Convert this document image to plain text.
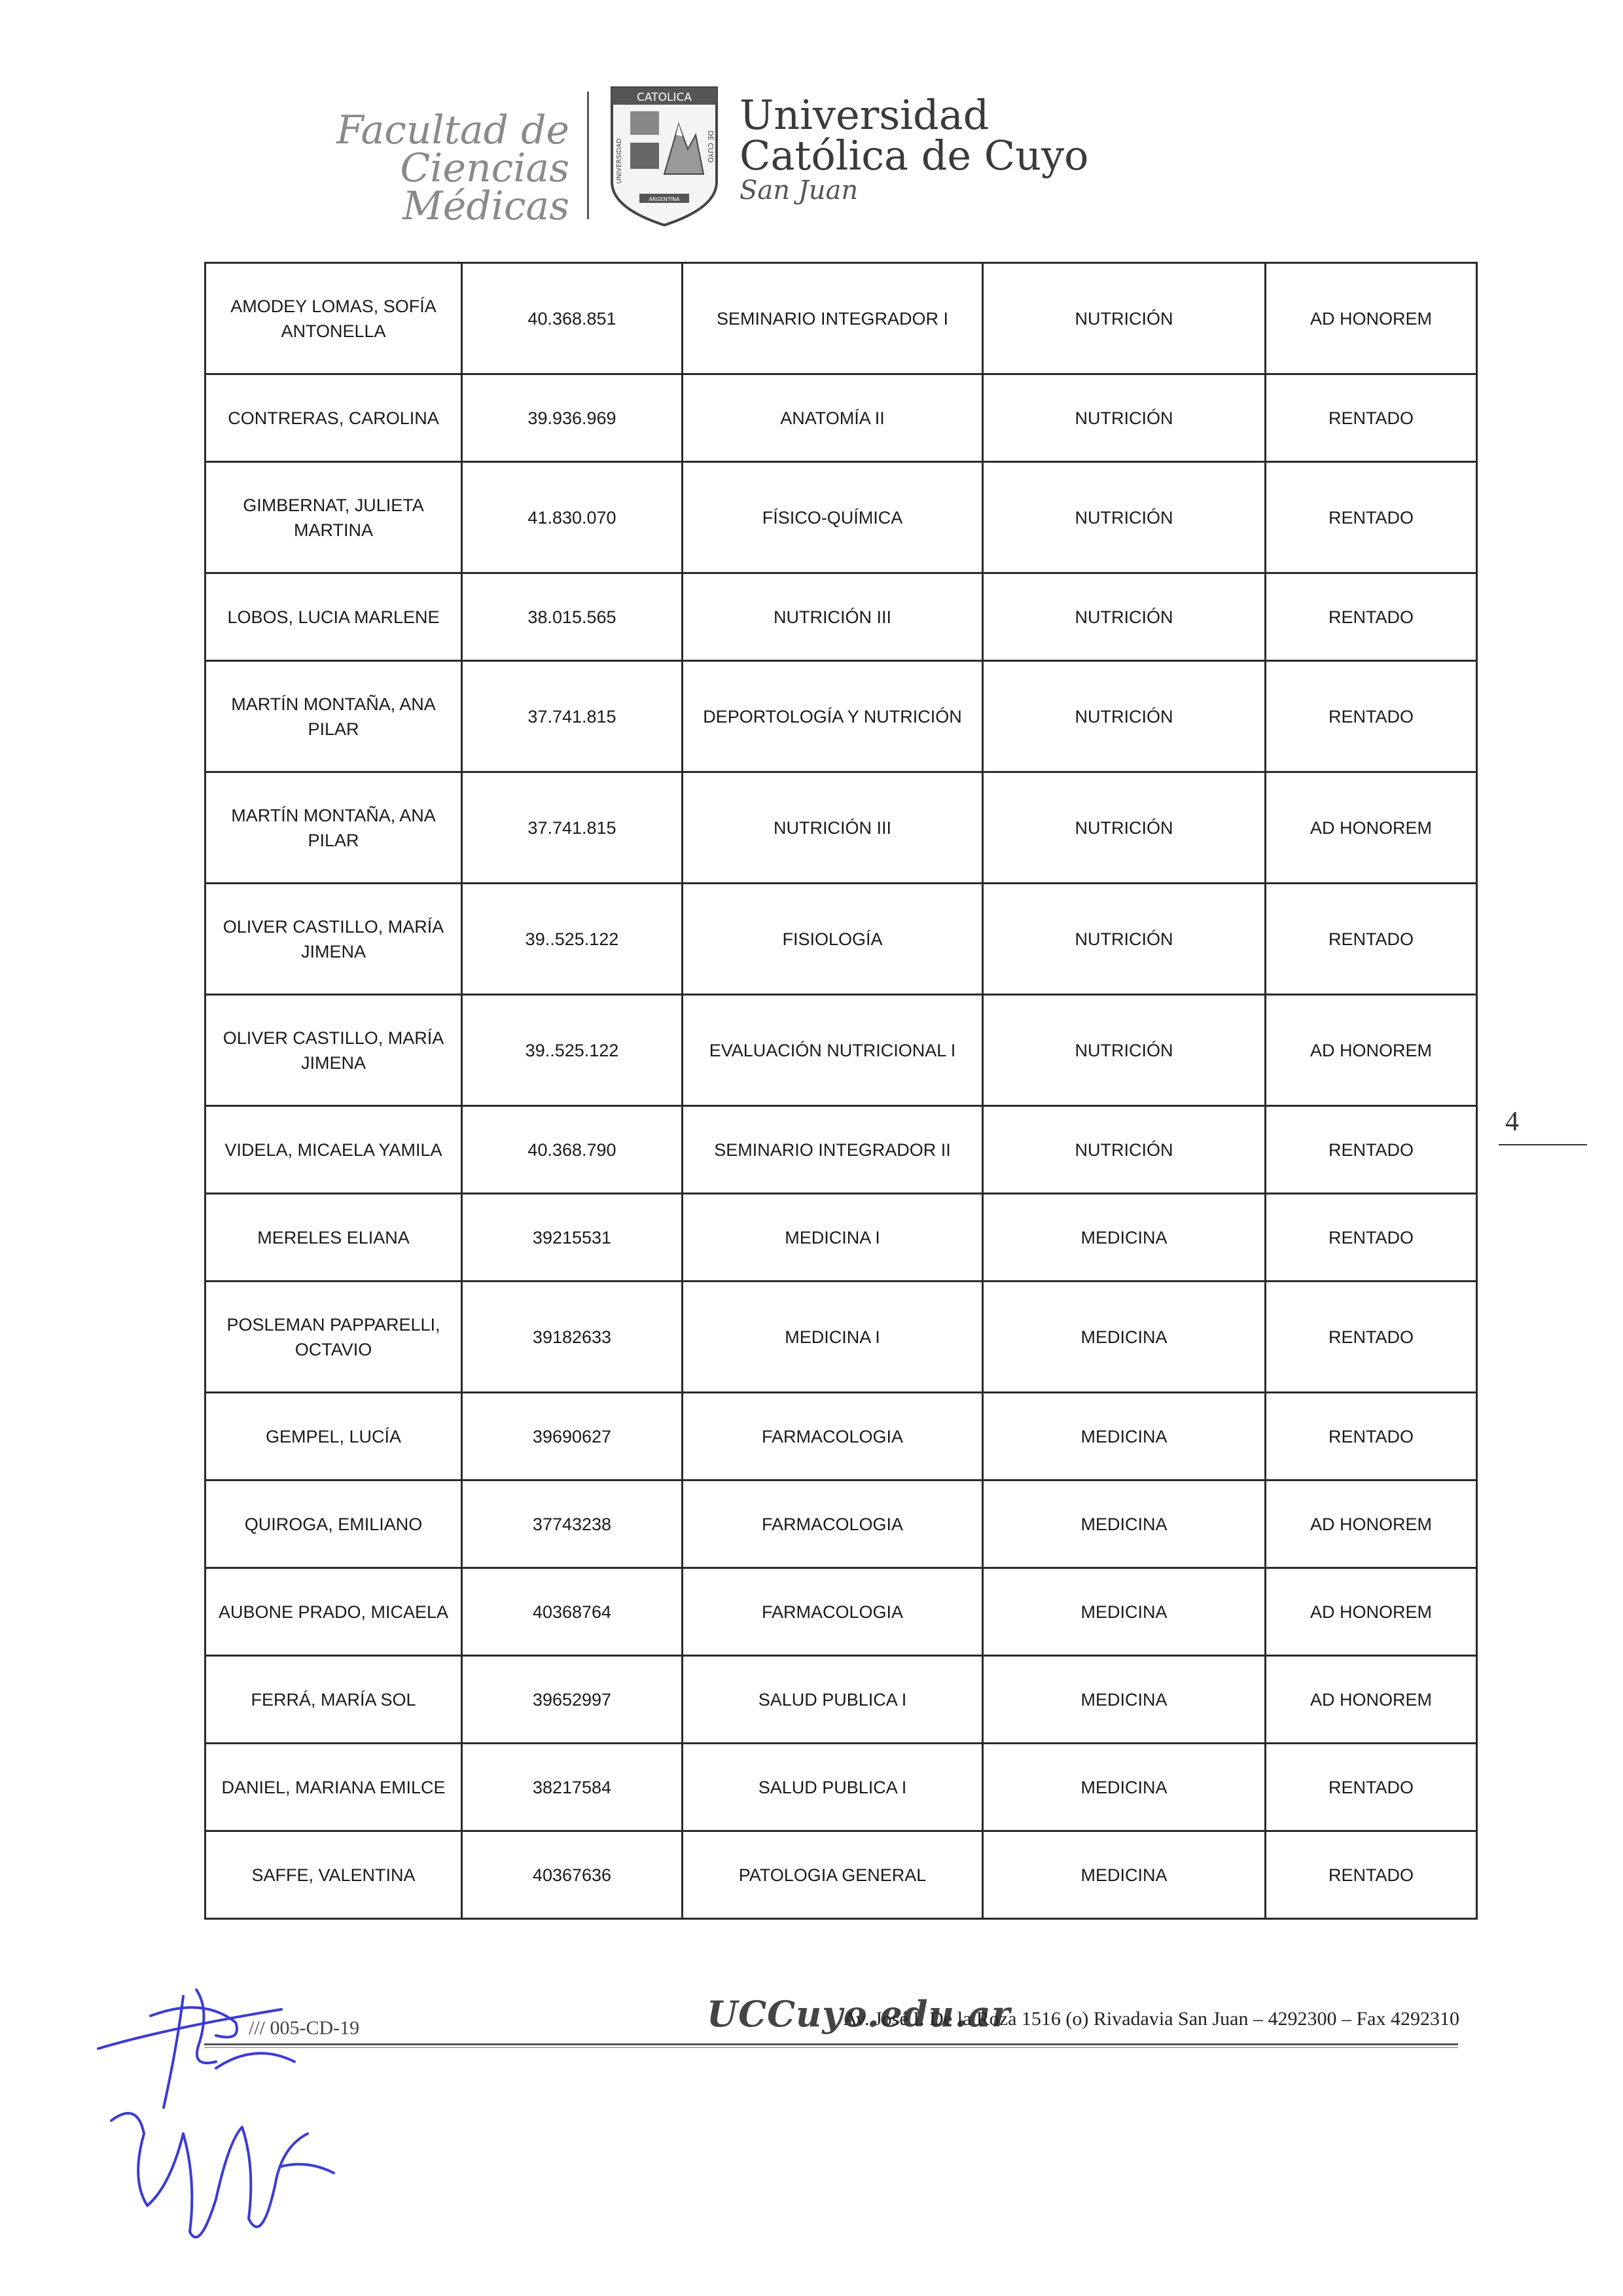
Facultad de Ciencias
Médicas
CATOLICA
UNIVERSIDAD	DE CUYO
ARGENTINA
Universidad
Católica de Cuyo
San Juan
AMODEY LOMAS, SOFÍA ANTONELLA	40.368.851	SEMINARIO INTEGRADOR I	NUTRICIÓN	AD HONOREM
CONTRERAS, CAROLINA	39.936.969	ANATOMÍA II	NUTRICIÓN	RENTADO
GIMBERNAT, JULIETA MARTINA	41.830.070	FÍSICO-QUÍMICA	NUTRICIÓN	RENTADO
LOBOS, LUCIA MARLENE	38.015.565	NUTRICIÓN III	NUTRICIÓN	RENTADO
MARTÍN MONTAÑA, ANA PILAR	37.741.815	DEPORTOLOGÍA Y NUTRICIÓN	NUTRICIÓN	RENTADO
MARTÍN MONTAÑA, ANA PILAR	37.741.815	NUTRICIÓN III	NUTRICIÓN	AD HONOREM
OLIVER CASTILLO, MARÍA JIMENA	39..525.122	FISIOLOGÍA	NUTRICIÓN	RENTADO
OLIVER CASTILLO, MARÍA JIMENA	39..525.122	EVALUACIÓN NUTRICIONAL I	NUTRICIÓN	AD HONOREM
VIDELA, MICAELA YAMILA	40.368.790	SEMINARIO INTEGRADOR II	NUTRICIÓN	RENTADO
MERELES ELIANA	39215531	MEDICINA I	MEDICINA	RENTADO
POSLEMAN PAPPARELLI, OCTAVIO	39182633	MEDICINA I	MEDICINA	RENTADO
GEMPEL, LUCÍA	39690627	FARMACOLOGIA	MEDICINA	RENTADO
QUIROGA, EMILIANO	37743238	FARMACOLOGIA	MEDICINA	AD HONOREM
AUBONE PRADO, MICAELA	40368764	FARMACOLOGIA	MEDICINA	AD HONOREM
FERRÁ, MARÍA SOL	39652997	SALUD PUBLICA I	MEDICINA	AD HONOREM
DANIEL, MARIANA EMILCE	38217584	SALUD PUBLICA I	MEDICINA	RENTADO
SAFFE, VALENTINA	40367636	PATOLOGIA GENERAL	MEDICINA	RENTADO
4
UCCuyo.edu.ar
Av. José I. De la Roza 1516 (o) Rivadavia San Juan – 4292300 – Fax 4292310
/// 005-CD-19
